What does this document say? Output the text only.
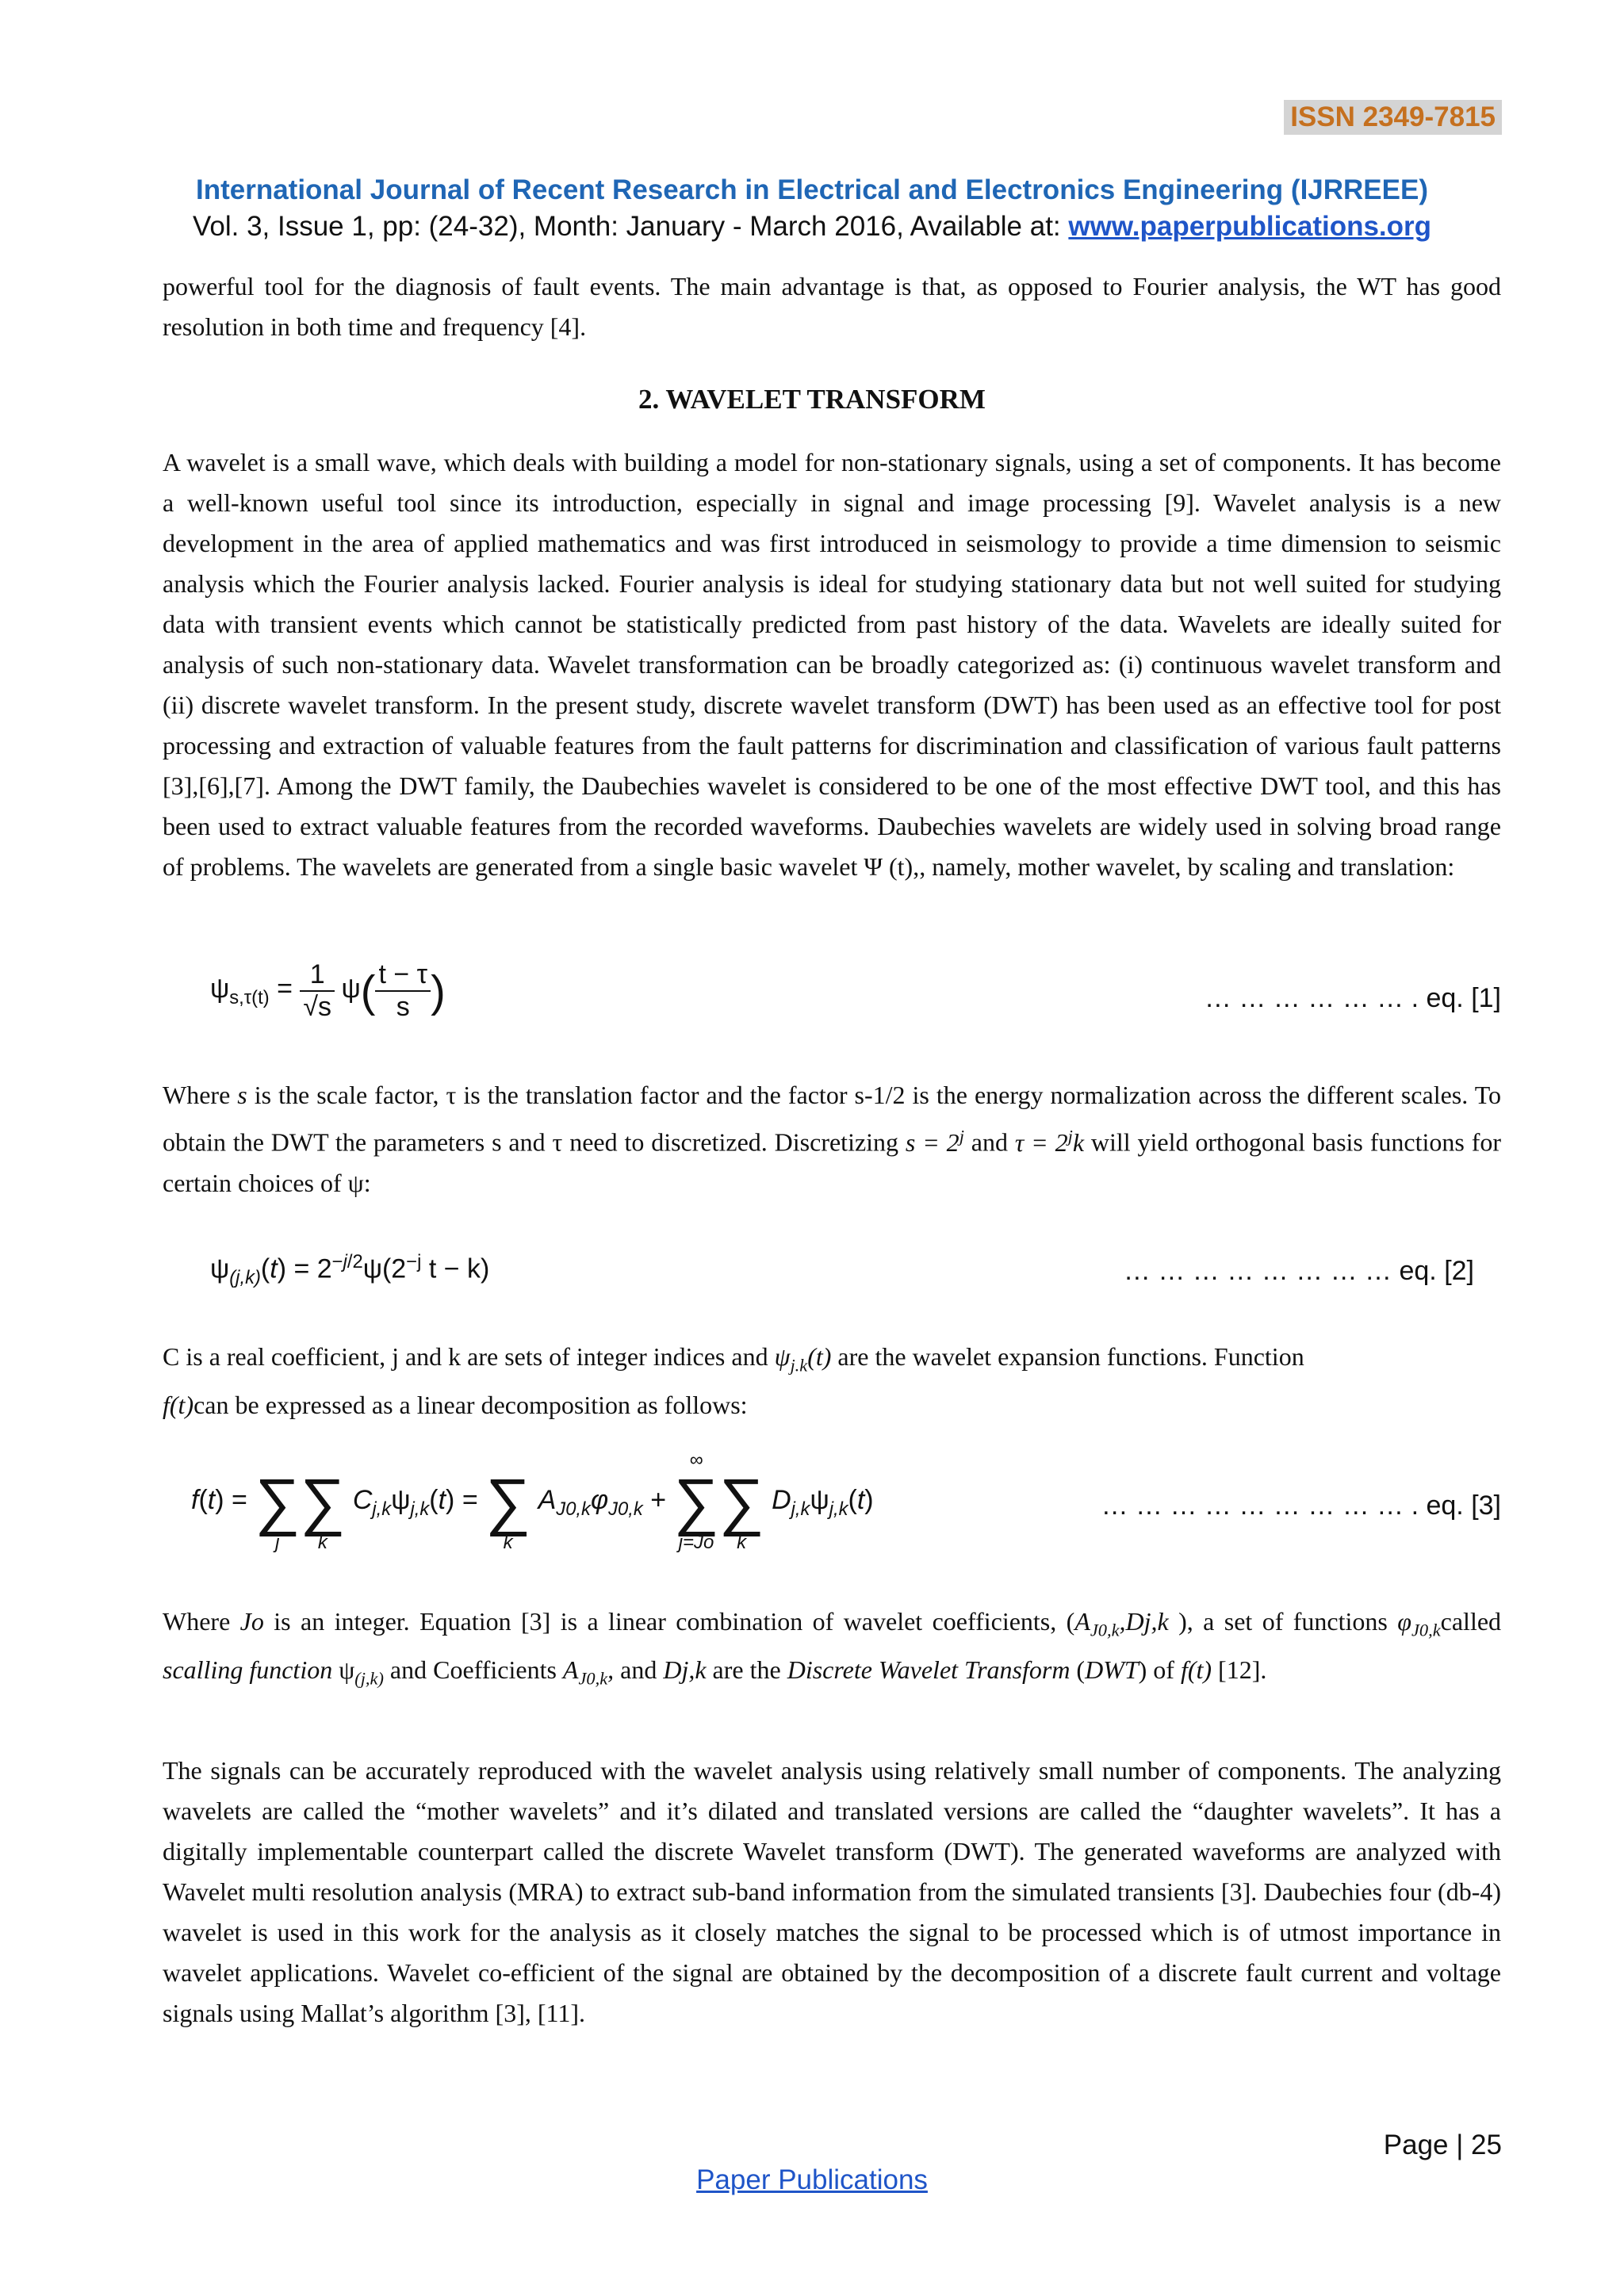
ISSN 2349-7815
International Journal of Recent Research in Electrical and Electronics Engineering (IJRREEE)
Vol. 3, Issue 1, pp: (24-32), Month: January - March 2016, Available at: www.paperpublications.org

powerful tool for the diagnosis of fault events. The main advantage is that, as opposed to Fourier analysis, the WT has good resolution in both time and frequency [4].

2. WAVELET TRANSFORM

A wavelet is a small wave, which deals with building a model for non-stationary signals, using a set of components. It has become a well-known useful tool since its introduction, especially in signal and image processing [9]. Wavelet analysis is a new development in the area of applied mathematics and was first introduced in seismology to provide a time dimension to seismic analysis which the Fourier analysis lacked. Fourier analysis is ideal for studying stationary data but not well suited for studying data with transient events which cannot be statistically predicted from past history of the data. Wavelets are ideally suited for analysis of such non-stationary data. Wavelet transformation can be broadly categorized as: (i) continuous wavelet transform and (ii) discrete wavelet transform. In the present study, discrete wavelet transform (DWT) has been used as an effective tool for post processing and extraction of valuable features from the fault patterns for discrimination and classification of various fault patterns [3],[6],[7]. Among the DWT family, the Daubechies wavelet is considered to be one of the most effective DWT tool, and this has been used to extract valuable features from the recorded waveforms. Daubechies wavelets are widely used in solving broad range of problems. The wavelets are generated from a single basic wavelet Ψ (t),, namely, mother wavelet, by scaling and translation:

$\psi_{s,\tau(t)} = \frac{1}{√s} \psi( \frac{t - \tau}{s}$ )	… … … … … … . eq. [1]

Where s is the scale factor, τ is the translation factor and the factor s-1/2 is the energy normalization across the different scales. To obtain the DWT the parameters s and τ need to discretized. Discretizing $s = 2^j$ and $\tau = 2^jk$ will yield orthogonal basis functions for certain choices of ψ:

$\psi_{(j,k)}(t) = 2^{-j/2}\psi(2^{-j}$ t − k)	… … … … … … … … eq. [2]

C is a real coefficient, j and k are sets of integer indices and $\psi_{j.k}(t)$ are the wavelet expansion functions. Function
f(t)can be expressed as a linear decomposition as follows:

f(t) =

∑
j

∑
k
$C_{j,k}\psi_{j,k}(t)$ =

∑
k
$A_{J0,k}\varphi_{J0,k}$ +
∞
∑
j=Jo

∑
k
$D_{j,k}\psi_{j,k}(t)$	… … … … … … … … … . eq. [3]

Where Jo is an integer. Equation [3] is a linear combination of wavelet coefficients, ($A_{J0,k},Dj,k$ ), a set of functions $\varphi_{J0,k}called$ scalling function $\psi_{(j,k)}$ and Coefficients $A_{J0,k}$, and Dj,k are the Discrete Wavelet Transform (DWT) of f(t) [12].

The signals can be accurately reproduced with the wavelet analysis using relatively small number of components. The analyzing wavelets are called the “mother wavelets” and it’s dilated and translated versions are called the “daughter wavelets”. It has a digitally implementable counterpart called the discrete Wavelet transform (DWT). The generated waveforms are analyzed with Wavelet multi resolution analysis (MRA) to extract sub-band information from the simulated transients [3]. Daubechies four (db-4) wavelet is used in this work for the analysis as it closely matches the signal to be processed which is of utmost importance in wavelet applications. Wavelet co-efficient of the signal are obtained by the decomposition of a discrete fault current and voltage signals using Mallat’s algorithm [3], [11].

Page | 25
Paper Publications
